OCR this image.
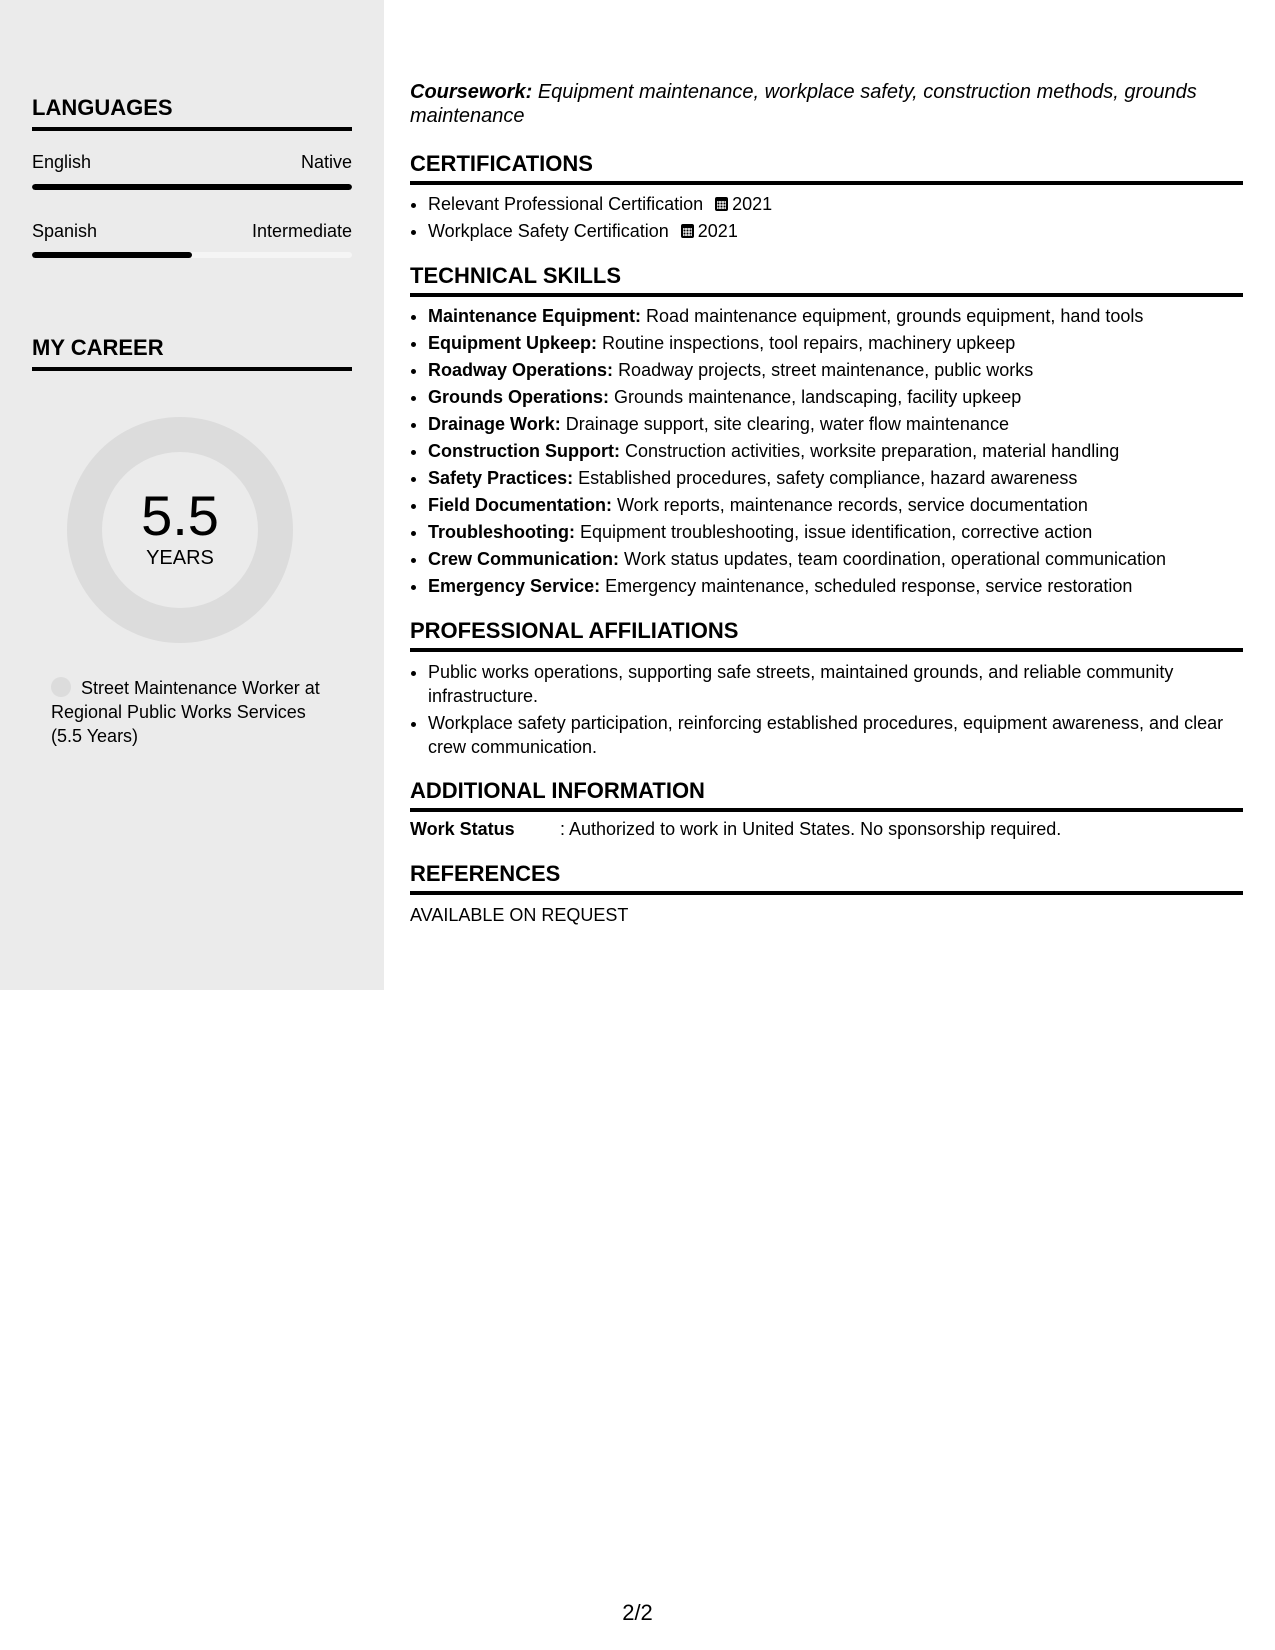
LANGUAGES
English	Native
Spanish	Intermediate
MY CAREER
5.5
YEARS
Street Maintenance Worker at Regional Public Works Services (5.5 Years)
Coursework: Equipment maintenance, workplace safety, construction methods, grounds maintenance
CERTIFICATIONS
• Relevant Professional Certification 2021
• Workplace Safety Certification 2021
TECHNICAL SKILLS
• Maintenance Equipment: Road maintenance equipment, grounds equipment, hand tools
• Equipment Upkeep: Routine inspections, tool repairs, machinery upkeep
• Roadway Operations: Roadway projects, street maintenance, public works
• Grounds Operations: Grounds maintenance, landscaping, facility upkeep
• Drainage Work: Drainage support, site clearing, water flow maintenance
• Construction Support: Construction activities, worksite preparation, material handling
• Safety Practices: Established procedures, safety compliance, hazard awareness
• Field Documentation: Work reports, maintenance records, service documentation
• Troubleshooting: Equipment troubleshooting, issue identification, corrective action
• Crew Communication: Work status updates, team coordination, operational communication
• Emergency Service: Emergency maintenance, scheduled response, service restoration
PROFESSIONAL AFFILIATIONS
• Public works operations, supporting safe streets, maintained grounds, and reliable community infrastructure.
• Workplace safety participation, reinforcing established procedures, equipment awareness, and clear crew communication.
ADDITIONAL INFORMATION
Work Status	: Authorized to work in United States. No sponsorship required.
REFERENCES
AVAILABLE ON REQUEST
2/2
